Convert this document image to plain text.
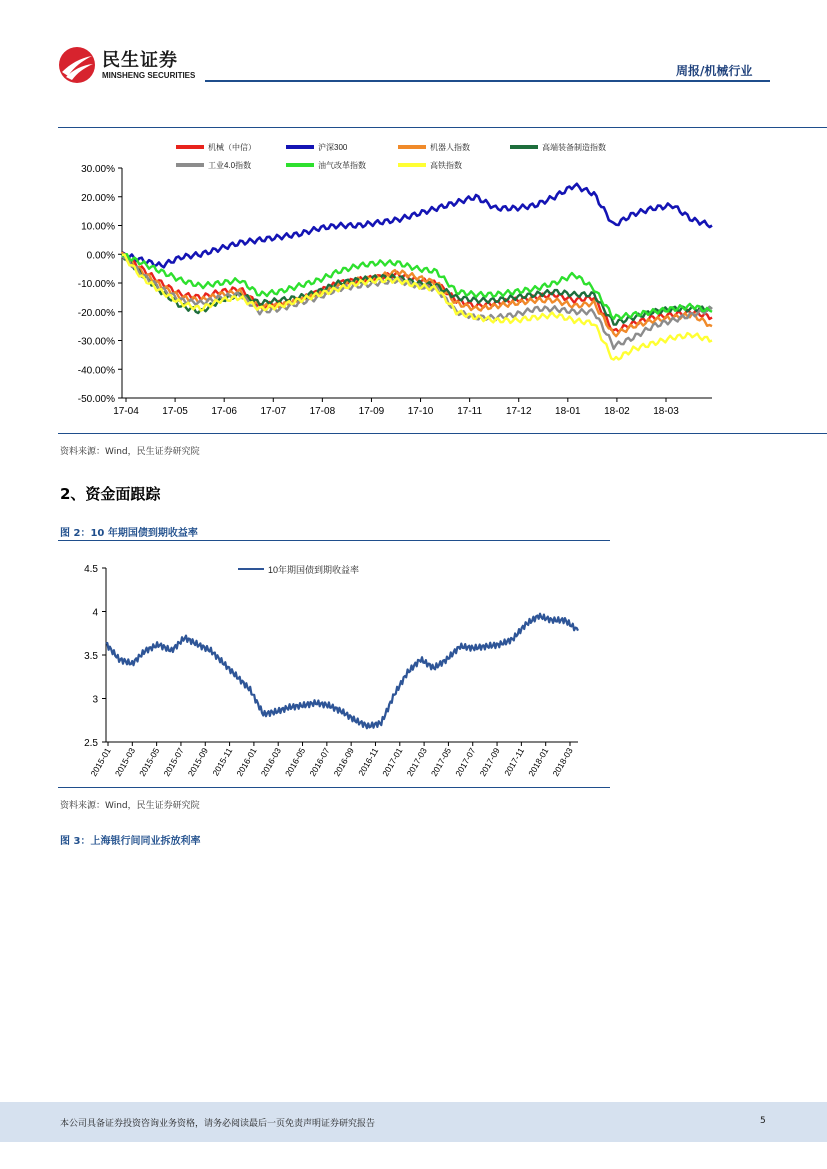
民生证券
MINSHENG SECURITIES	周报/机械行业
机械（中信）	沪深300	机器人指数	高端装备制造指数
工业4.0指数	油气改革指数	高铁指数
30.00%
20.00%
10.00%
0.00%
-10.00%
-20.00%
-30.00%
-40.00%
-50.00%
17-04 17-05 17-06 17-07 17-08 17-09 17-10 17-11 17-12 18-01 18-02 18-03
资料来源：Wind，民生证券研究院
2、资金面跟踪
图 2：10 年期国债到期收益率
10年期国债到期收益率
4.5
4
3.5
3
2.5
2015-01 2015-03 2015-05 2015-07 2015-09 2015-11 2016-01 2016-03 2016-05 2016-07 2016-09 2016-11 2017-01 2017-03 2017-05 2017-07 2017-09 2017-11 2018-01 2018-03
资料来源：Wind，民生证券研究院
图 3：上海银行间同业拆放利率
本公司具备证券投资咨询业务资格，请务必阅读最后一页免责声明证券研究报告	5
